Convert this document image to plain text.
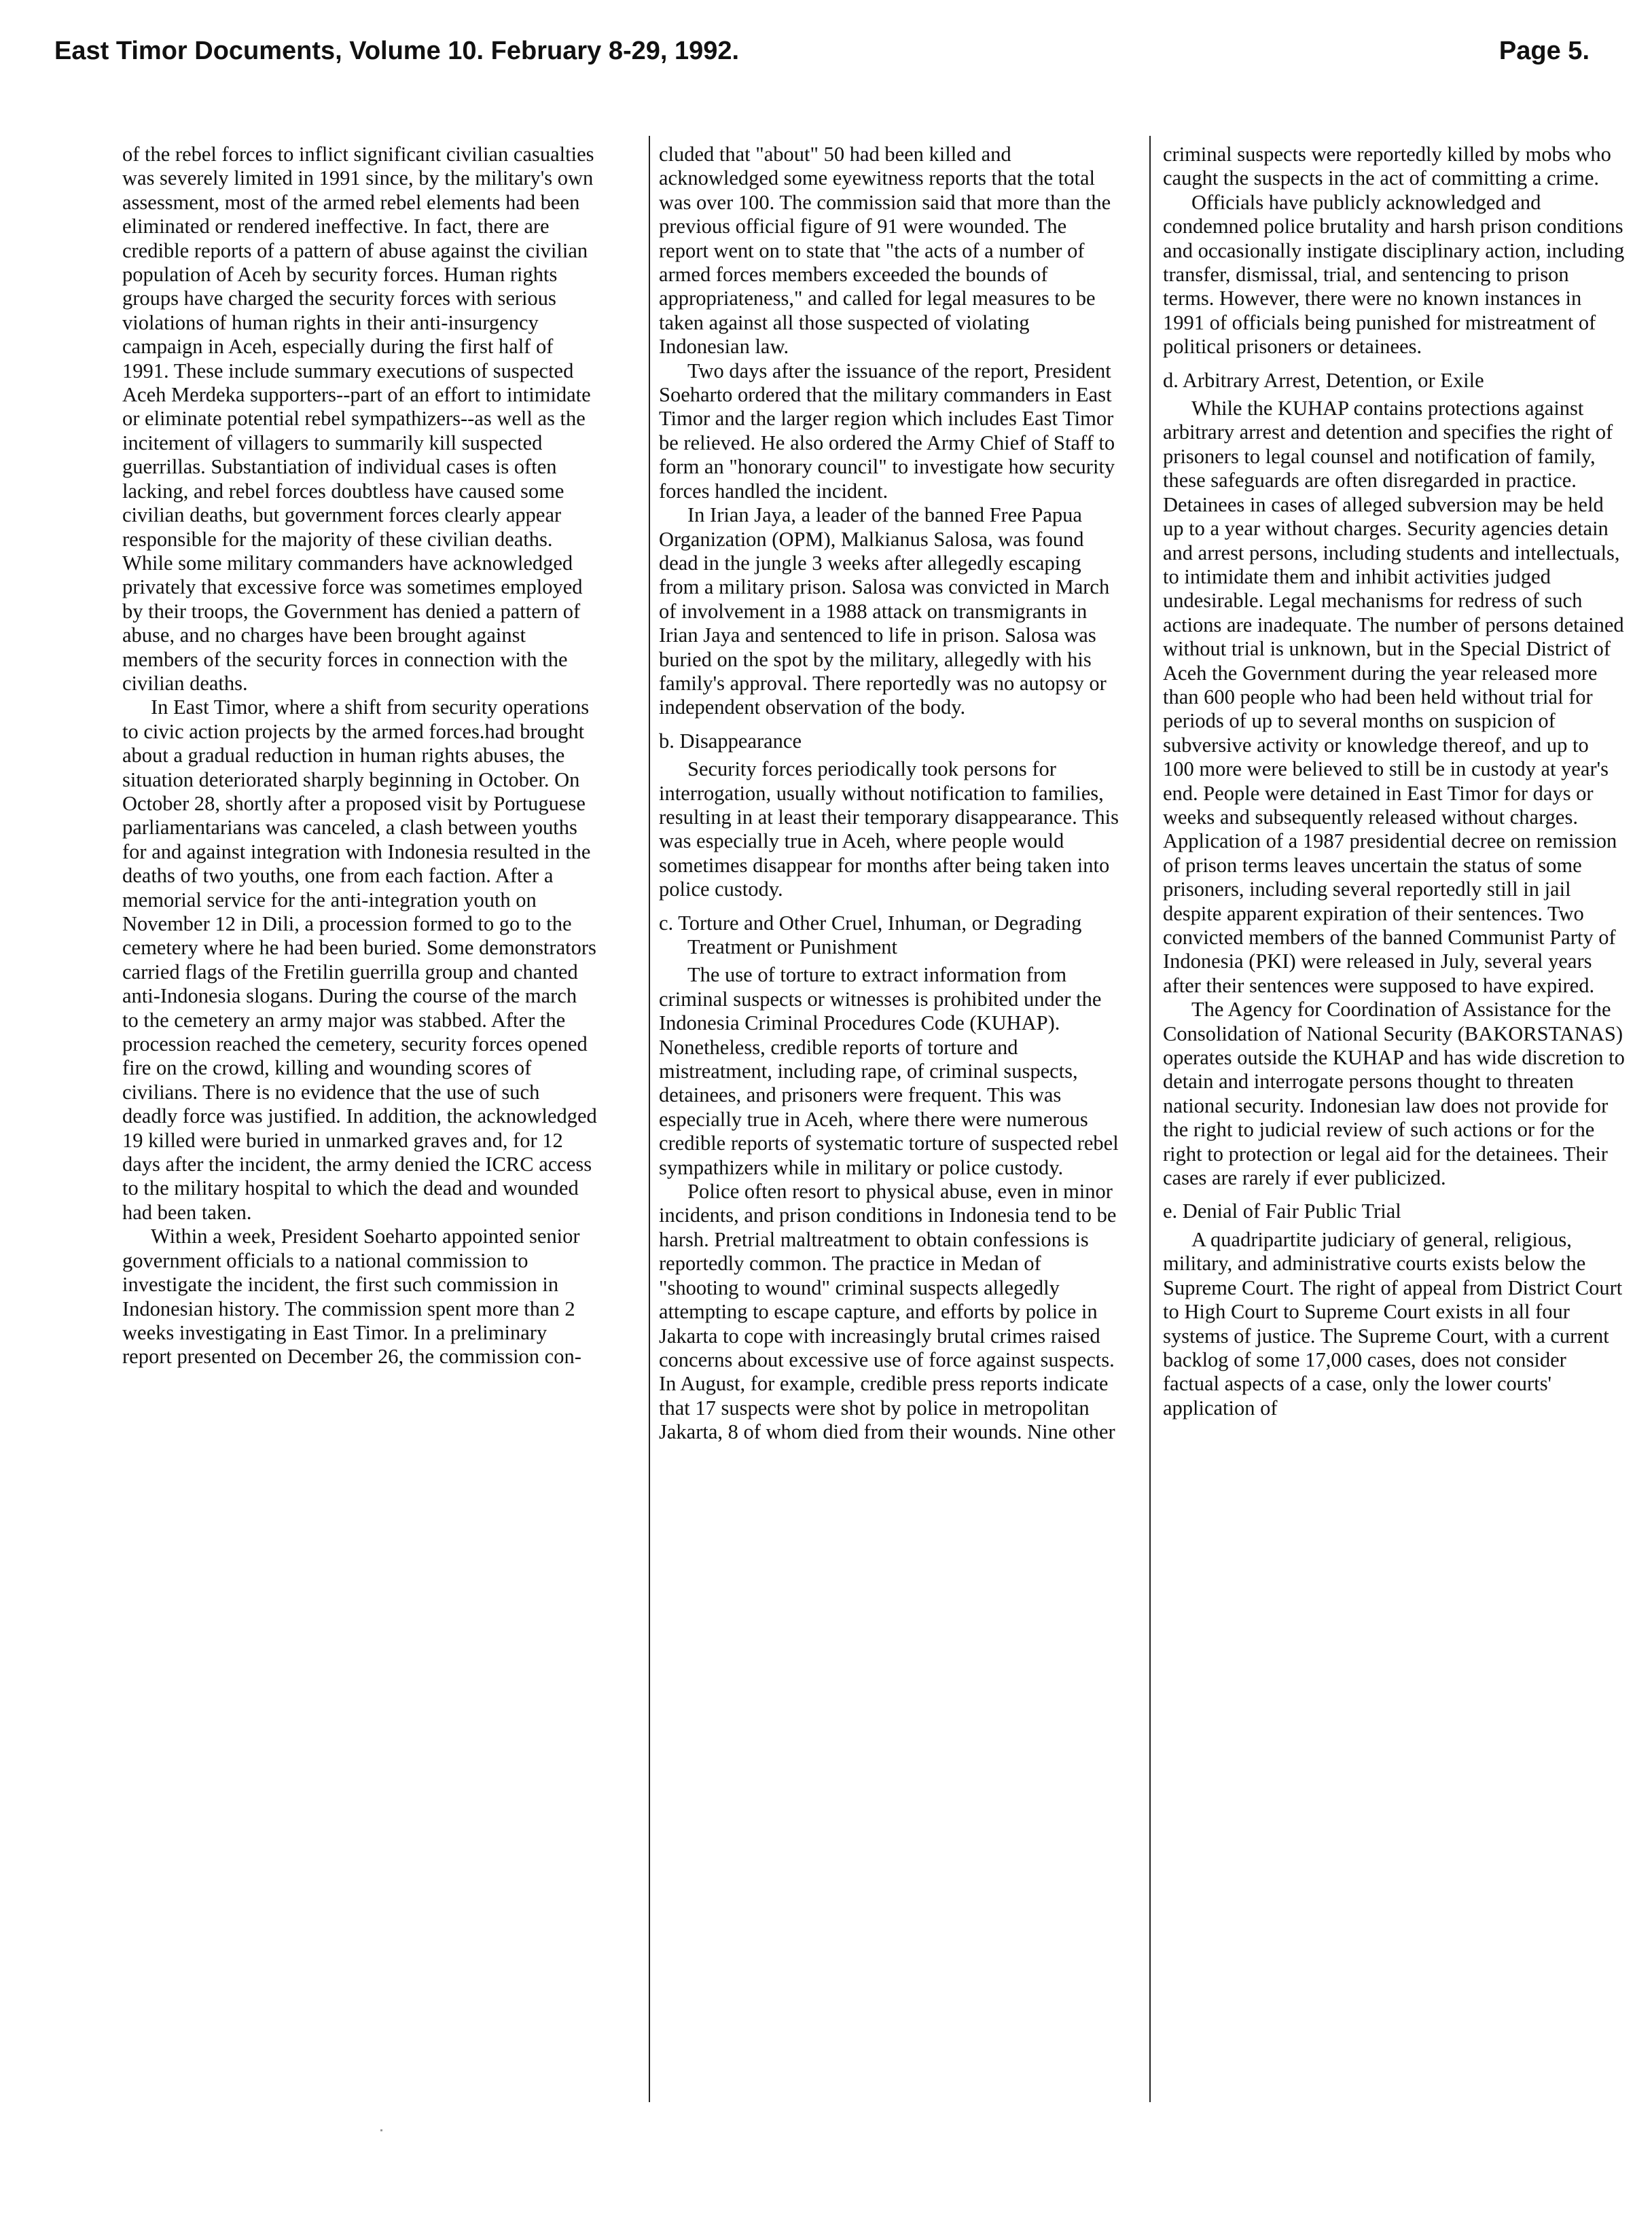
East Timor Documents, Volume 10. February 8-29, 1992.	Page 5.

of the rebel forces to inflict significant civilian casualties was severely limited in 1991 since, by the military's own assessment, most of the armed rebel elements had been eliminated or rendered ineffective. In fact, there are credible reports of a pattern of abuse against the civilian population of Aceh by security forces. Human rights groups have charged the security forces with serious violations of human rights in their anti-insurgency campaign in Aceh, especially during the first half of 1991. These include summary executions of suspected Aceh Merdeka supporters--part of an effort to intimidate or eliminate potential rebel sympathizers--as well as the incitement of villagers to summarily kill suspected guerrillas. Substantiation of individual cases is often lacking, and rebel forces doubtless have caused some civilian deaths, but government forces clearly appear responsible for the majority of these civilian deaths. While some military commanders have acknowledged privately that excessive force was sometimes employed by their troops, the Government has denied a pattern of abuse, and no charges have been brought against members of the security forces in connection with the civilian deaths.

In East Timor, where a shift from security operations to civic action projects by the armed forces.had brought about a gradual reduction in human rights abuses, the situation deteriorated sharply beginning in October. On October 28, shortly after a proposed visit by Portuguese parliamentarians was canceled, a clash between youths for and against integration with Indonesia resulted in the deaths of two youths, one from each faction. After a memorial service for the anti-integration youth on November 12 in Dili, a procession formed to go to the cemetery where he had been buried. Some demonstrators carried flags of the Fretilin guerrilla group and chanted anti-Indonesia slogans. During the course of the march to the cemetery an army major was stabbed. After the procession reached the cemetery, security forces opened fire on the crowd, killing and wounding scores of civilians. There is no evidence that the use of such deadly force was justified. In addition, the acknowledged 19 killed were buried in unmarked graves and, for 12 days after the incident, the army denied the ICRC access to the military hospital to which the dead and wounded had been taken.

Within a week, President Soeharto appointed senior government officials to a national commission to investigate the incident, the first such commission in Indonesian history. The commission spent more than 2 weeks investigating in East Timor. In a preliminary report presented on December 26, the commission con-

cluded that "about" 50 had been killed and acknowledged some eyewitness reports that the total was over 100. The commission said that more than the previous official figure of 91 were wounded. The report went on to state that "the acts of a number of armed forces members exceeded the bounds of appropriateness," and called for legal measures to be taken against all those suspected of violating Indonesian law.

Two days after the issuance of the report, President Soeharto ordered that the military commanders in East Timor and the larger region which includes East Timor be relieved. He also ordered the Army Chief of Staff to form an "honorary council" to investigate how security forces handled the incident.

In Irian Jaya, a leader of the banned Free Papua Organization (OPM), Malkianus Salosa, was found dead in the jungle 3 weeks after allegedly escaping from a military prison. Salosa was convicted in March of involvement in a 1988 attack on transmigrants in Irian Jaya and sentenced to life in prison. Salosa was buried on the spot by the military, allegedly with his family's approval. There reportedly was no autopsy or independent observation of the body.

b. Disappearance

Security forces periodically took persons for interrogation, usually without notification to families, resulting in at least their temporary disappearance. This was especially true in Aceh, where people would sometimes disappear for months after being taken into police custody.

c. Torture and Other Cruel, Inhuman, or Degrading Treatment or Punishment

The use of torture to extract information from criminal suspects or witnesses is prohibited under the Indonesia Criminal Procedures Code (KUHAP). Nonetheless, credible reports of torture and mistreatment, including rape, of criminal suspects, detainees, and prisoners were frequent. This was especially true in Aceh, where there were numerous credible reports of systematic torture of suspected rebel sympathizers while in military or police custody.

Police often resort to physical abuse, even in minor incidents, and prison conditions in Indonesia tend to be harsh. Pretrial maltreatment to obtain confessions is reportedly common. The practice in Medan of "shooting to wound" criminal suspects allegedly attempting to escape capture, and efforts by police in Jakarta to cope with increasingly brutal crimes raised concerns about excessive use of force against suspects. In August, for example, credible press reports indicate that 17 suspects were shot by police in metropolitan Jakarta, 8 of whom died from their wounds. Nine other

criminal suspects were reportedly killed by mobs who caught the suspects in the act of committing a crime.

Officials have publicly acknowledged and condemned police brutality and harsh prison conditions and occasionally instigate disciplinary action, including transfer, dismissal, trial, and sentencing to prison terms. However, there were no known instances in 1991 of officials being punished for mistreatment of political prisoners or detainees.

d. Arbitrary Arrest, Detention, or Exile

While the KUHAP contains protections against arbitrary arrest and detention and specifies the right of prisoners to legal counsel and notification of family, these safeguards are often disregarded in practice. Detainees in cases of alleged subversion may be held up to a year without charges. Security agencies detain and arrest persons, including students and intellectuals, to intimidate them and inhibit activities judged undesirable. Legal mechanisms for redress of such actions are inadequate. The number of persons detained without trial is unknown, but in the Special District of Aceh the Government during the year released more than 600 people who had been held without trial for periods of up to several months on suspicion of subversive activity or knowledge thereof, and up to 100 more were believed to still be in custody at year's end. People were detained in East Timor for days or weeks and subsequently released without charges. Application of a 1987 presidential decree on remission of prison terms leaves uncertain the status of some prisoners, including several reportedly still in jail despite apparent expiration of their sentences. Two convicted members of the banned Communist Party of Indonesia (PKI) were released in July, several years after their sentences were supposed to have expired.

The Agency for Coordination of Assistance for the Consolidation of National Security (BAKORSTANAS) operates outside the KUHAP and has wide discretion to detain and interrogate persons thought to threaten national security. Indonesian law does not provide for the right to judicial review of such actions or for the right to protection or legal aid for the detainees. Their cases are rarely if ever publicized.

e. Denial of Fair Public Trial

A quadripartite judiciary of general, religious, military, and administrative courts exists below the Supreme Court. The right of appeal from District Court to High Court to Supreme Court exists in all four systems of justice. The Supreme Court, with a current backlog of some 17,000 cases, does not consider factual aspects of a case, only the lower courts' application of
